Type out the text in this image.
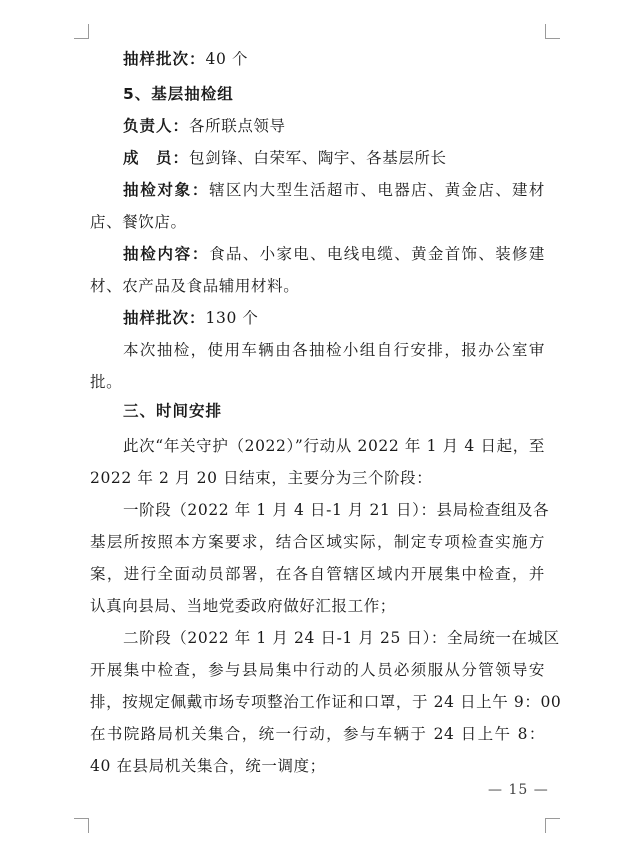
抽样批次：40 个
5、基层抽检组
负责人：各所联点领导
成　员：包剑锋、白荣军、陶宇、各基层所长
抽检对象：辖区内大型生活超市、电器店、黄金店、建材
店、餐饮店。
抽检内容：食品、小家电、电线电缆、黄金首饰、装修建
材、农产品及食品辅用材料。
抽样批次：130 个
本次抽检，使用车辆由各抽检小组自行安排，报办公室审
批。
三、时间安排
此次“年关守护（2022）”行动从 2022 年 1 月 4 日起，至
2022 年 2 月 20 日结束，主要分为三个阶段：
一阶段（2022 年 1 月 4 日-1 月 21 日）：县局检查组及各
基层所按照本方案要求，结合区域实际，制定专项检查实施方
案，进行全面动员部署，在各自管辖区域内开展集中检查，并
认真向县局、当地党委政府做好汇报工作；
二阶段（2022 年 1 月 24 日-1 月 25 日）：全局统一在城区
开展集中检查，参与县局集中行动的人员必须服从分管领导安
排，按规定佩戴市场专项整治工作证和口罩，于 24 日上午 9：00
在书院路局机关集合，统一行动，参与车辆于 24 日上午 8：
40 在县局机关集合，统一调度；
— 15 —
